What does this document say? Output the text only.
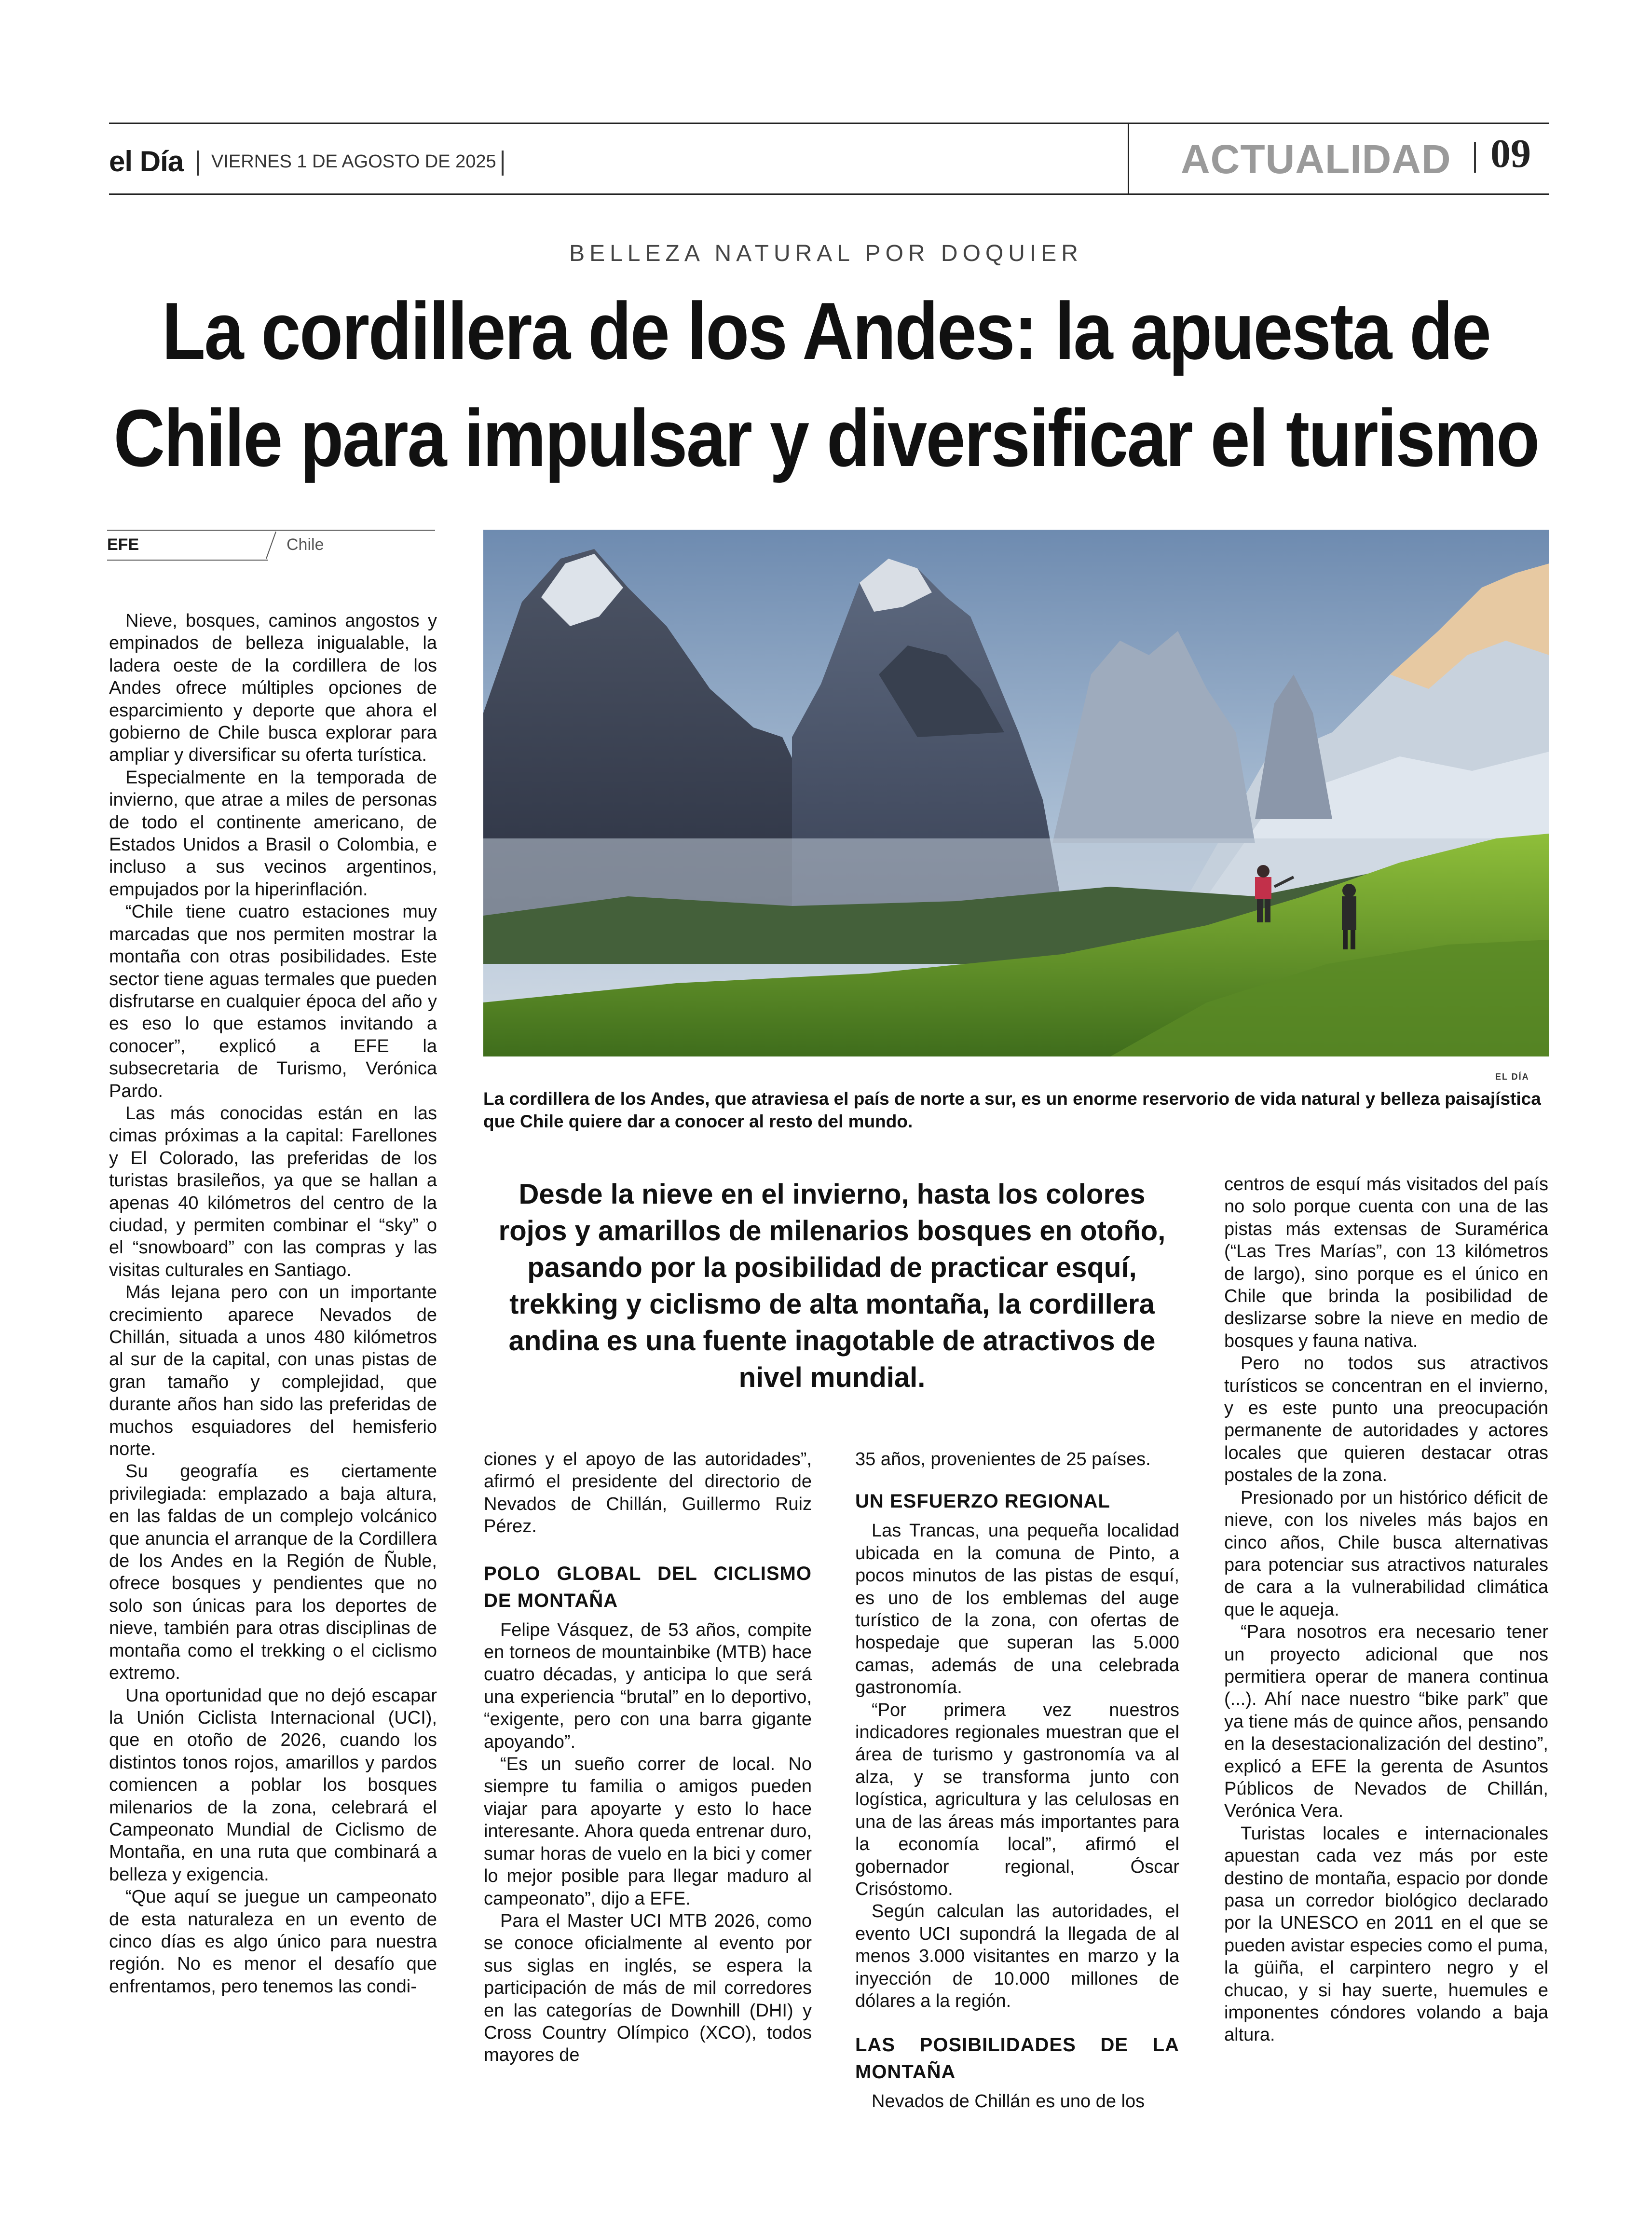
el Día VIERNES 1 DE AGOSTO DE 2025	ACTUALIDAD 09
BELLEZA NATURAL POR DOQUIER
La cordillera de los Andes: la apuesta de
Chile para impulsar y diversificar el turismo
EFE	Chile
EL DÍA
La cordillera de los Andes, que atraviesa el país de norte a sur, es un enorme reservorio de vida natural y belleza paisajística que Chile quiere dar a conocer al resto del mundo.
Desde la nieve en el invierno, hasta los colores rojos y amarillos de milenarios bosques en otoño, pasando por la posibilidad de practicar esquí, trekking y ciclismo de alta montaña, la cordillera andina es una fuente inagotable de atractivos de nivel mundial.

Nieve, bosques, caminos angostos y empinados de belleza inigualable, la ladera oeste de la cordillera de los Andes ofrece múltiples opciones de esparcimiento y deporte que ahora el gobierno de Chile busca explorar para ampliar y diversificar su oferta turística.

Especialmente en la temporada de invierno, que atrae a miles de personas de todo el continente americano, de Estados Unidos a Brasil o Colombia, e incluso a sus vecinos argentinos, empujados por la hiperinflación.

“Chile tiene cuatro estaciones muy marcadas que nos permiten mostrar la montaña con otras posibilidades. Este sector tiene aguas termales que pueden disfrutarse en cualquier época del año y es eso lo que estamos invitando a conocer”, explicó a EFE la subsecretaria de Turismo, Verónica Pardo.

Las más conocidas están en las cimas próximas a la capital: Farellones y El Colorado, las preferidas de los turistas brasileños, ya que se hallan a apenas 40 kilómetros del centro de la ciudad, y permiten combinar el “sky” o el “snowboard” con las compras y las visitas culturales en Santiago.

Más lejana pero con un importante crecimiento aparece Nevados de Chillán, situada a unos 480 kilómetros al sur de la capital, con unas pistas de gran tamaño y complejidad, que durante años han sido las preferidas de muchos esquiadores del hemisferio norte.

Su geografía es ciertamente privilegiada: emplazado a baja altura, en las faldas de un complejo volcánico que anuncia el arranque de la Cordillera de los Andes en la Región de Ñuble, ofrece bosques y pendientes que no solo son únicas para los deportes de nieve, también para otras disciplinas de montaña como el trekking o el ciclismo extremo.

Una oportunidad que no dejó escapar la Unión Ciclista Internacional (UCI), que en otoño de 2026, cuando los distintos tonos rojos, amarillos y pardos comiencen a poblar los bosques milenarios de la zona, celebrará el Campeonato Mundial de Ciclismo de Montaña, en una ruta que combinará a belleza y exigencia.

“Que aquí se juegue un campeonato de esta naturaleza en un evento de cinco días es algo único para nuestra región. No es menor el desafío que enfrentamos, pero tenemos las condi-

ciones y el apoyo de las autoridades”, afirmó el presidente del directorio de Nevados de Chillán, Guillermo Ruiz Pérez.

POLO GLOBAL DEL CICLISMO DE MONTAÑA

Felipe Vásquez, de 53 años, compite en torneos de mountainbike (MTB) hace cuatro décadas, y anticipa lo que será una experiencia “brutal” en lo deportivo, “exigente, pero con una barra gigante apoyando”.

“Es un sueño correr de local. No siempre tu familia o amigos pueden viajar para apoyarte y esto lo hace interesante. Ahora queda entrenar duro, sumar horas de vuelo en la bici y comer lo mejor posible para llegar maduro al campeonato”, dijo a EFE.

Para el Master UCI MTB 2026, como se conoce oficialmente al evento por sus siglas en inglés, se espera la participación de más de mil corredores en las categorías de Downhill (DHI) y Cross Country Olímpico (XCO), todos mayores de

35 años, provenientes de 25 países.

UN ESFUERZO REGIONAL

Las Trancas, una pequeña localidad ubicada en la comuna de Pinto, a pocos minutos de las pistas de esquí, es uno de los emblemas del auge turístico de la zona, con ofertas de hospedaje que superan las 5.000 camas, además de una celebrada gastronomía.

“Por primera vez nuestros indicadores regionales muestran que el área de turismo y gastronomía va al alza, y se transforma junto con logística, agricultura y las celulosas en una de las áreas más importantes para la economía local”, afirmó el gobernador regional, Óscar Crisóstomo.

Según calculan las autoridades, el evento UCI supondrá la llegada de al menos 3.000 visitantes en marzo y la inyección de 10.000 millones de dólares a la región.

LAS POSIBILIDADES DE LA MONTAÑA

Nevados de Chillán es uno de los

centros de esquí más visitados del país no solo porque cuenta con una de las pistas más extensas de Suramérica (“Las Tres Marías”, con 13 kilómetros de largo), sino porque es el único en Chile que brinda la posibilidad de deslizarse sobre la nieve en medio de bosques y fauna nativa.

Pero no todos sus atractivos turísticos se concentran en el invierno, y es este punto una preocupación permanente de autoridades y actores locales que quieren destacar otras postales de la zona.

Presionado por un histórico déficit de nieve, con los niveles más bajos en cinco años, Chile busca alternativas para potenciar sus atractivos naturales de cara a la vulnerabilidad climática que le aqueja.

“Para nosotros era necesario tener un proyecto adicional que nos permitiera operar de manera continua (...). Ahí nace nuestro “bike park” que ya tiene más de quince años, pensando en la desestacionalización del destino”, explicó a EFE la gerenta de Asuntos Públicos de Nevados de Chillán, Verónica Vera.

Turistas locales e internacionales apuestan cada vez más por este destino de montaña, espacio por donde pasa un corredor biológico declarado por la UNESCO en 2011 en el que se pueden avistar especies como el puma, la güiña, el carpintero negro y el chucao, y si hay suerte, huemules e imponentes cóndores volando a baja altura.
